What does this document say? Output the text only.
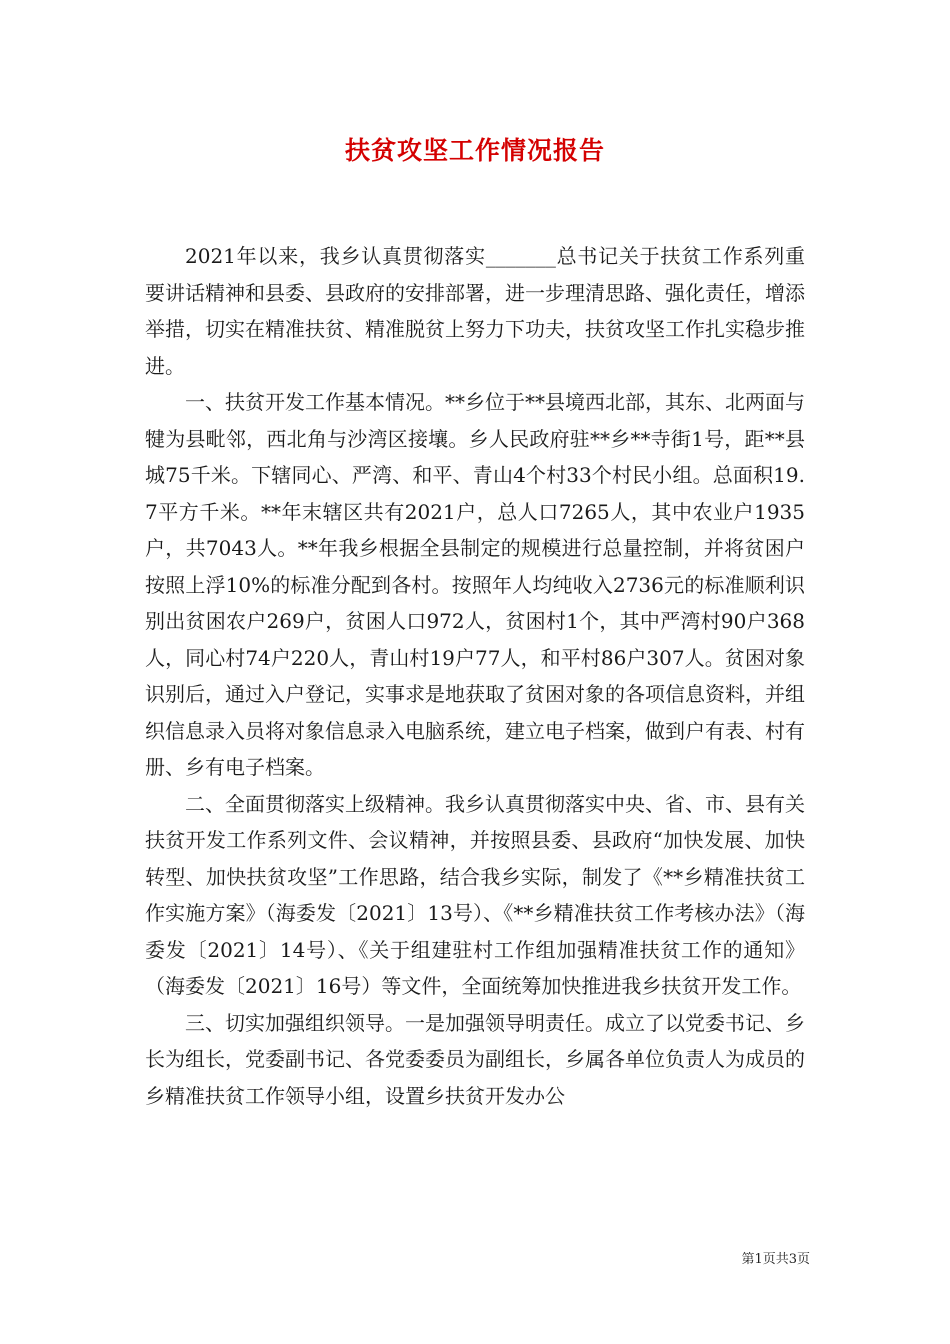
扶贫攻坚工作情况报告

2021年以来，我乡认真贯彻落实_______总书记关于扶贫工作系列重要讲话精神和县委、县政府的安排部署，进一步理清思路、强化责任，增添举措，切实在精准扶贫、精准脱贫上努力下功夫，扶贫攻坚工作扎实稳步推进。

一、扶贫开发工作基本情况。**乡位于**县境西北部，其东、北两面与犍为县毗邻，西北角与沙湾区接壤。乡人民政府驻**乡**寺街1号，距**县城75千米。下辖同心、严湾、和平、青山4个村33个村民小组。总面积19.7平方千米。**年末辖区共有2021户，总人口7265人，其中农业户1935户，共7043人。**年我乡根据全县制定的规模进行总量控制，并将贫困户按照上浮10%的标准分配到各村。按照年人均纯收入2736元的标准顺利识别出贫困农户269户，贫困人口972人，贫困村1个，其中严湾村90户368人，同心村74户220人，青山村19户77人，和平村86户307人。贫困对象识别后，通过入户登记，实事求是地获取了贫困对象的各项信息资料，并组织信息录入员将对象信息录入电脑系统，建立电子档案，做到户有表、村有册、乡有电子档案。

二、全面贯彻落实上级精神。我乡认真贯彻落实中央、省、市、县有关扶贫开发工作系列文件、会议精神，并按照县委、县政府“加快发展、加快转型、加快扶贫攻坚”工作思路，结合我乡实际，制发了《**乡精准扶贫工作实施方案》（海委发〔2021〕13号）、《**乡精准扶贫工作考核办法》（海委发〔2021〕14号）、《关于组建驻村工作组加强精准扶贫工作的通知》（海委发〔2021〕16号）等文件，全面统筹加快推进我乡扶贫开发工作。

三、切实加强组织领导。一是加强领导明责任。成立了以党委书记、乡长为组长，党委副书记、各党委委员为副组长，乡属各单位负责人为成员的乡精准扶贫工作领导小组，设置乡扶贫开发办公

第1页共3页
